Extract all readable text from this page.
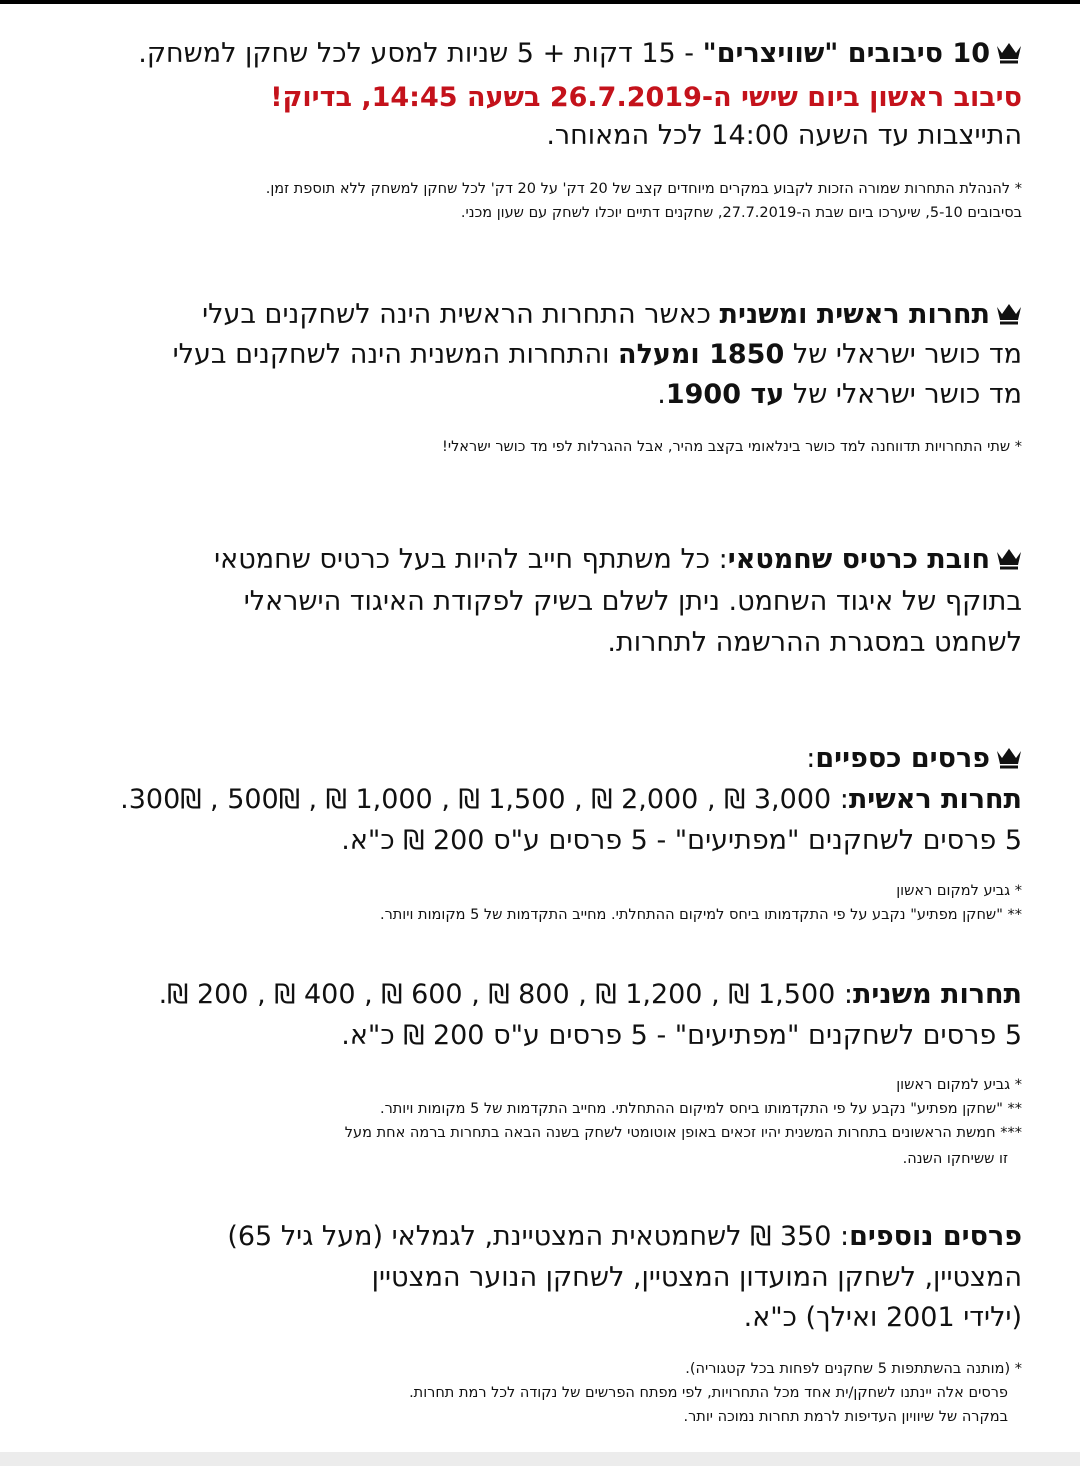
10 סיבובים "שוויצרים" - 15 דקות + 5 שניות למסע לכל שחקן למשחק.
סיבוב ראשון ביום שישי ה-26.7.2019 בשעה 14:45, בדיוק!
התייצבות עד השעה 14:00 לכל המאוחר.
* להנהלת התחרות שמורה הזכות לקבוע במקרים מיוחדים קצב של 20 דק' על 20 דק' לכל שחקן למשחק ללא תוספת זמן.
בסיבובים 5-10, שיערכו ביום שבת ה-27.7.2019, שחקנים דתיים יוכלו לשחק עם שעון מכני.
תחרות ראשית ומשנית כאשר התחרות הראשית הינה לשחקנים בעלי
מד כושר ישראלי של 1850 ומעלה והתחרות המשנית הינה לשחקנים בעלי
מד כושר ישראלי של עד 1900.
* שתי התחרויות תדווחנה למד כושר בינלאומי בקצב מהיר, אבל ההגרלות לפי מד כושר ישראלי!
חובת כרטיס שחמטאי: כל משתתף חייב להיות בעל כרטיס שחמטאי
בתוקף של איגוד השחמט. ניתן לשלם בשיק לפקודת האיגוד הישראלי
לשחמט במסגרת ההרשמה לתחרות.
פרסים כספיים:
תחרות ראשית: 3,000 ₪ , 2,000 ₪ , 1,500 ₪ , 1,000 ₪ , 500₪ , 300₪.
5 פרסים לשחקנים "מפתיעים" - 5 פרסים ע"ס 200 ₪ כ"א.
* גביע למקום ראשון
** "שחקן מפתיע" נקבע על פי התקדמותו ביחס למיקום ההתחלתי. מחייב התקדמות של 5 מקומות ויותר.
תחרות משנית: 1,500 ₪ , 1,200 ₪ , 800 ₪ , 600 ₪ , 400 ₪ , 200 ₪.
5 פרסים לשחקנים "מפתיעים" - 5 פרסים ע"ס 200 ₪ כ"א.
* גביע למקום ראשון
** "שחקן מפתיע" נקבע על פי התקדמותו ביחס למיקום ההתחלתי. מחייב התקדמות של 5 מקומות ויותר.
*** חמשת הראשונים בתחרות המשנית יהיו זכאים באופן אוטומטי לשחק בשנה הבאה בתחרות ברמה אחת מעל
זו ששיחקו השנה.
פרסים נוספים: 350 ₪ לשחמטאית המצטיינת, לגמלאי (מעל גיל 65)
המצטיין, לשחקן המועדון המצטיין, לשחקן הנוער המצטיין
(ילידי 2001 ואילך) כ"א.
* (מותנה בהשתתפות 5 שחקנים לפחות בכל קטגוריה).
פרסים אלה יינתנו לשחקן/ית אחד מכל התחרויות, לפי מפתח הפרשים של נקודה לכל רמת תחרות.
במקרה של שיוויון העדיפות לרמת תחרות נמוכה יותר.
